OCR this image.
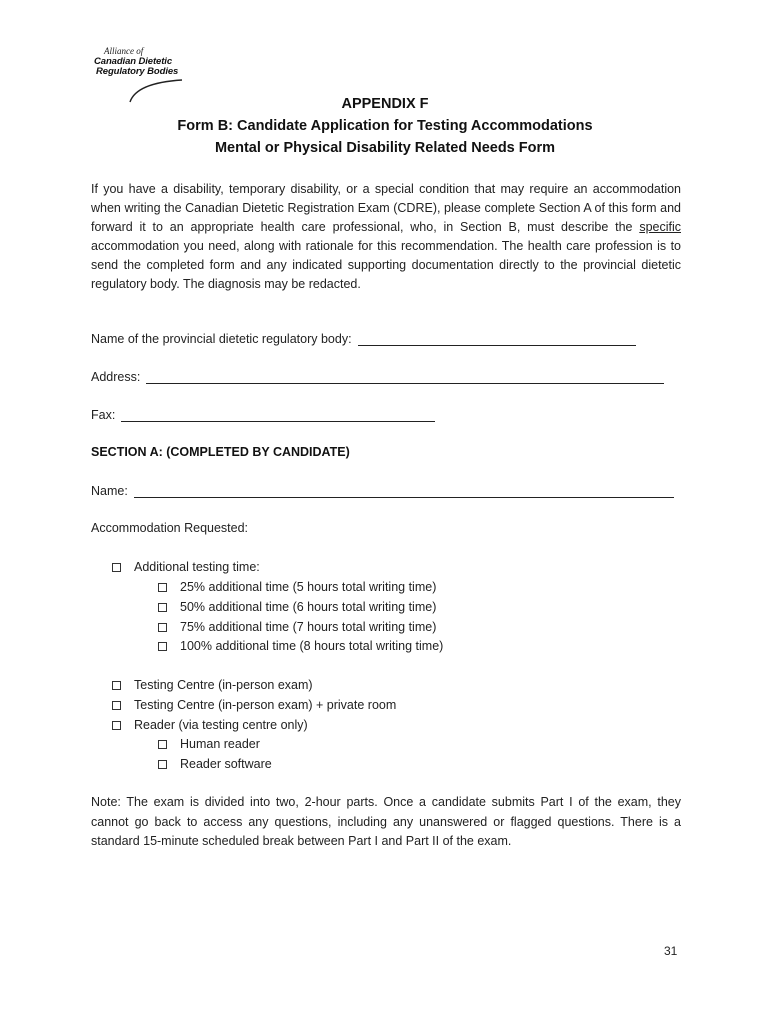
Alliance of
Canadian Dietetic
Regulatory Bodies
APPENDIX F
Form B: Candidate Application for Testing Accommodations
Mental or Physical Disability Related Needs Form
If you have a disability, temporary disability, or a special condition that may require an accommodation when writing the Canadian Dietetic Registration Exam (CDRE), please complete Section A of this form and forward it to an appropriate health care professional, who, in Section B, must describe the specific accommodation you need, along with rationale for this recommendation. The health care profession is to send the completed form and any indicated supporting documentation directly to the provincial dietetic regulatory body. The diagnosis may be redacted.
Name of the provincial dietetic regulatory body:
Address:
Fax:
SECTION A: (COMPLETED BY CANDIDATE)
Name:
Accommodation Requested:
Additional testing time:
25% additional time (5 hours total writing time)
50% additional time (6 hours total writing time)
75% additional time (7 hours total writing time)
100% additional time (8 hours total writing time)
Testing Centre (in-person exam)
Testing Centre (in-person exam) + private room
Reader (via testing centre only)
Human reader
Reader software
Note: The exam is divided into two, 2-hour parts. Once a candidate submits Part I of the exam, they cannot go back to access any questions, including any unanswered or flagged questions. There is a standard 15-minute scheduled break between Part I and Part II of the exam.
31
